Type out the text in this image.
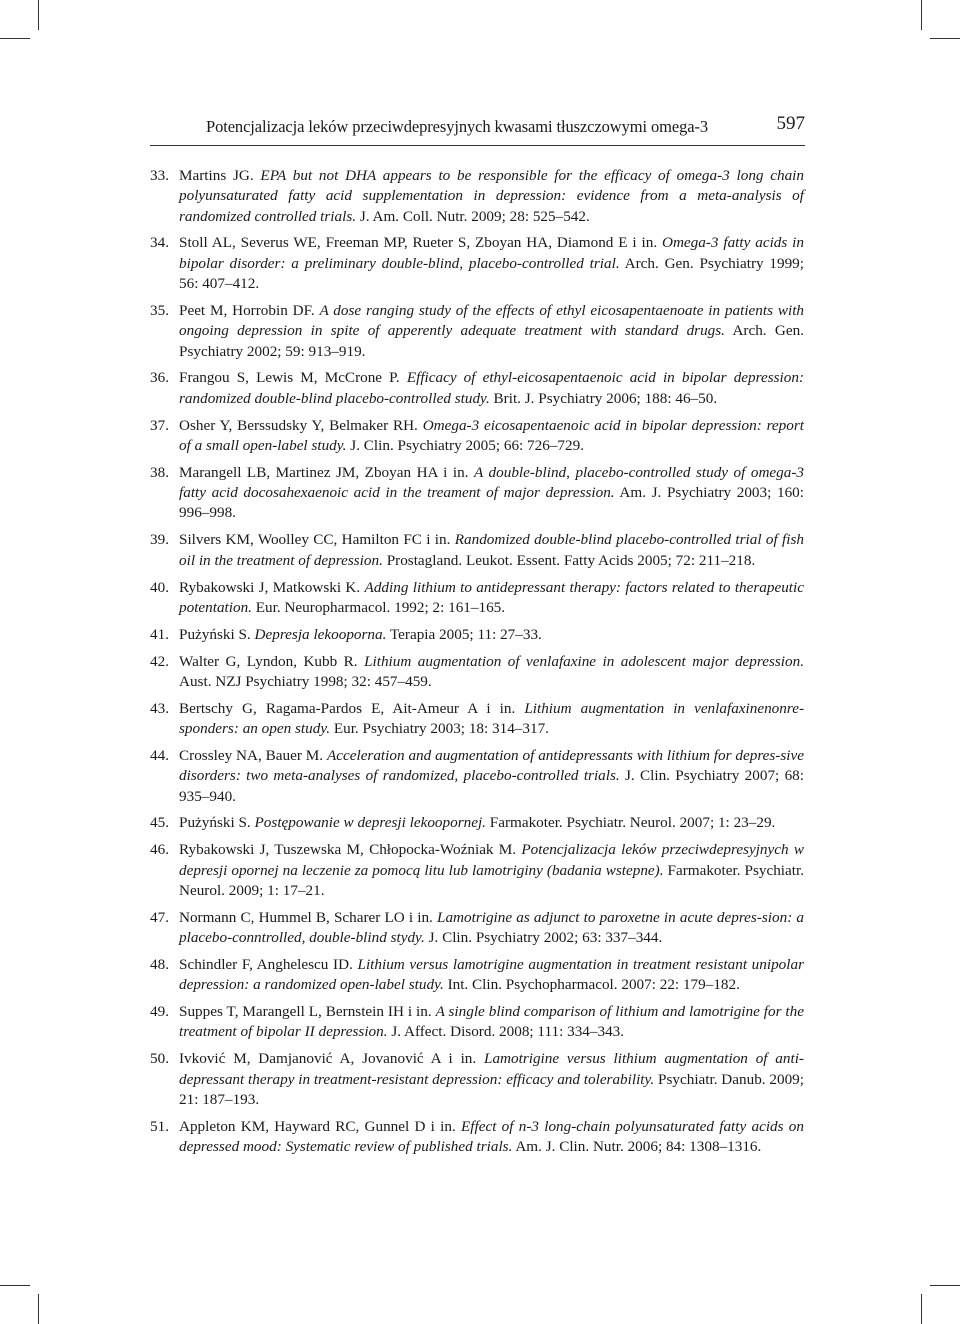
Potencjalizacja leków przeciwdepresyjnych kwasami tłuszczowymi omega-3	597
33. Martins JG. EPA but not DHA appears to be responsible for the efficacy of omega-3 long chain polyunsaturated fatty acid supplementation in depression: evidence from a meta-analysis of randomized controlled trials. J. Am. Coll. Nutr. 2009; 28: 525–542.
34. Stoll AL, Severus WE, Freeman MP, Rueter S, Zboyan HA, Diamond E i in. Omega-3 fatty acids in bipolar disorder: a preliminary double-blind, placebo-controlled trial. Arch. Gen. Psychiatry 1999; 56: 407–412.
35. Peet M, Horrobin DF. A dose ranging study of the effects of ethyl eicosapentaenoate in patients with ongoing depression in spite of apperently adequate treatment with standard drugs. Arch. Gen. Psychiatry 2002; 59: 913–919.
36. Frangou S, Lewis M, McCrone P. Efficacy of ethyl-eicosapentaenoic acid in bipolar depression: randomized double-blind placebo-controlled study. Brit. J. Psychiatry 2006; 188: 46–50.
37. Osher Y, Berssudsky Y, Belmaker RH. Omega-3 eicosapentaenoic acid in bipolar depression: report of a small open-label study. J. Clin. Psychiatry 2005; 66: 726–729.
38. Marangell LB, Martinez JM, Zboyan HA i in. A double-blind, placebo-controlled study of omega-3 fatty acid docosahexaenoic acid in the treament of major depression. Am. J. Psychiatry 2003; 160: 996–998.
39. Silvers KM, Woolley CC, Hamilton FC i in. Randomized double-blind placebo-controlled trial of fish oil in the treatment of depression. Prostagland. Leukot. Essent. Fatty Acids 2005; 72: 211–218.
40. Rybakowski J, Matkowski K. Adding lithium to antidepressant therapy: factors related to therapeutic potentation. Eur. Neuropharmacol. 1992; 2: 161–165.
41. Pużyński S. Depresja lekooporna. Terapia 2005; 11: 27–33.
42. Walter G, Lyndon, Kubb R. Lithium augmentation of venlafaxine in adolescent major depression. Aust. NZJ Psychiatry 1998; 32: 457–459.
43. Bertschy G, Ragama-Pardos E, Ait-Ameur A i in. Lithium augmentation in venlafaxinenonre-sponders: an open study. Eur. Psychiatry 2003; 18: 314–317.
44. Crossley NA, Bauer M. Acceleration and augmentation of antidepressants with lithium for depres-sive disorders: two meta-analyses of randomized, placebo-controlled trials. J. Clin. Psychiatry 2007; 68: 935–940.
45. Pużyński S. Postępowanie w depresji lekoopornej. Farmakoter. Psychiatr. Neurol. 2007; 1: 23–29.
46. Rybakowski J, Tuszewska M, Chłopocka-Woźniak M. Potencjalizacja leków przeciwdepresyjnych w depresji opornej na leczenie za pomocą litu lub lamotriginy (badania wstepne). Farmakoter. Psychiatr. Neurol. 2009; 1: 17–21.
47. Normann C, Hummel B, Scharer LO i in. Lamotrigine as adjunct to paroxetne in acute depres-sion: a placebo-conntrolled, double-blind stydy. J. Clin. Psychiatry 2002; 63: 337–344.
48. Schindler F, Anghelescu ID. Lithium versus lamotrigine augmentation in treatment resistant unipolar depression: a randomized open-label study. Int. Clin. Psychopharmacol. 2007: 22: 179–182.
49. Suppes T, Marangell L, Bernstein IH i in. A single blind comparison of lithium and lamotrigine for the treatment of bipolar II depression. J. Affect. Disord. 2008; 111: 334–343.
50. Ivković M, Damjanović A, Jovanović A i in. Lamotrigine versus lithium augmentation of anti-depressant therapy in treatment-resistant depression: efficacy and tolerability. Psychiatr. Danub. 2009; 21: 187–193.
51. Appleton KM, Hayward RC, Gunnel D i in. Effect of n-3 long-chain polyunsaturated fatty acids on depressed mood: Systematic review of published trials. Am. J. Clin. Nutr. 2006; 84: 1308–1316.
